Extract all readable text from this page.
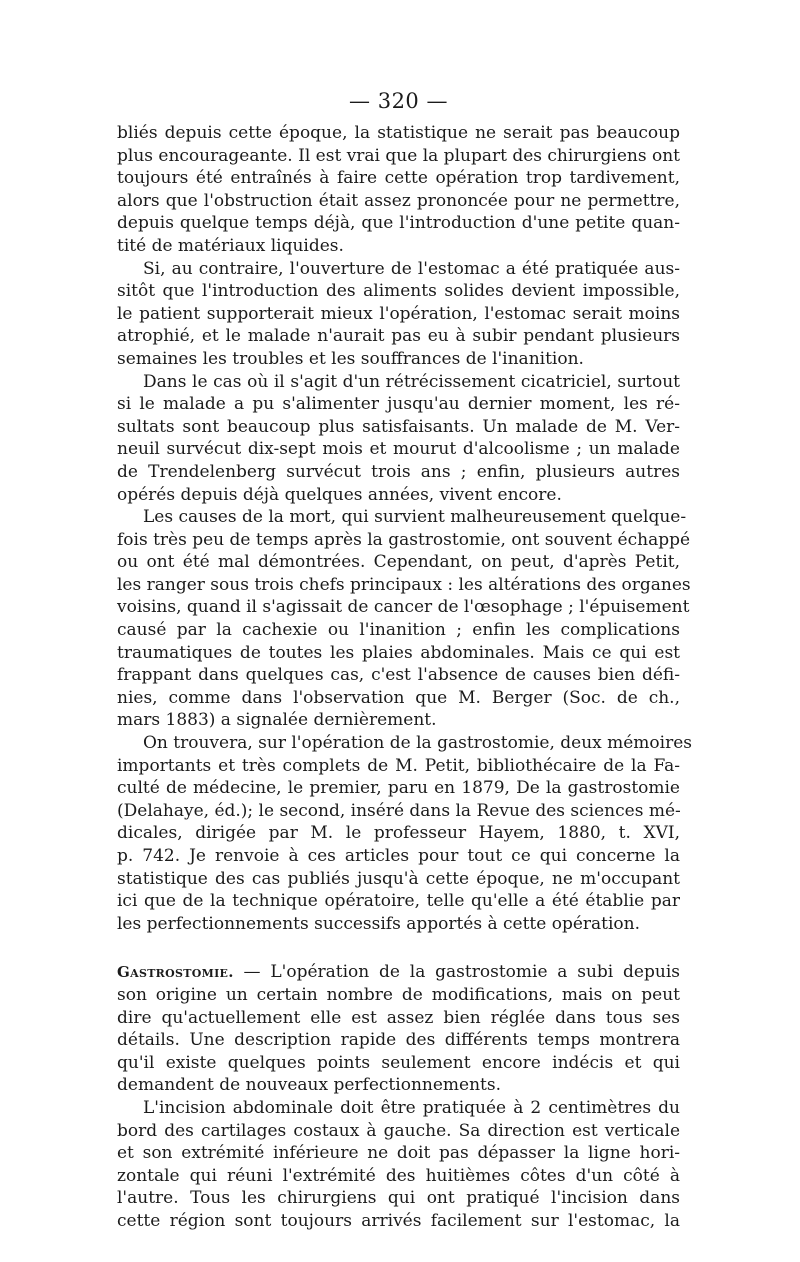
— 320 —
bliés depuis cette époque, la statistique ne serait pas beaucoup
plus encourageante. Il est vrai que la plupart des chirurgiens ont
toujours été entraînés à faire cette opération trop tardivement,
alors que l'obstruction était assez prononcée pour ne permettre,
depuis quelque temps déjà, que l'introduction d'une petite quan-
tité de matériaux liquides.
Si, au contraire, l'ouverture de l'estomac a été pratiquée aus-
sitôt que l'introduction des aliments solides devient impossible,
le patient supporterait mieux l'opération, l'estomac serait moins
atrophié, et le malade n'aurait pas eu à subir pendant plusieurs
semaines les troubles et les souffrances de l'inanition.
Dans le cas où il s'agit d'un rétrécissement cicatriciel, surtout
si le malade a pu s'alimenter jusqu'au dernier moment, les ré-
sultats sont beaucoup plus satisfaisants. Un malade de M. Ver-
neuil survécut dix-sept mois et mourut d'alcoolisme ; un malade
de Trendelenberg survécut trois ans ; enfin, plusieurs autres
opérés depuis déjà quelques années, vivent encore.
Les causes de la mort, qui survient malheureusement quelque-
fois très peu de temps après la gastrostomie, ont souvent échappé
ou ont été mal démontrées. Cependant, on peut, d'après Petit,
les ranger sous trois chefs principaux : les altérations des organes
voisins, quand il s'agissait de cancer de l'œsophage ; l'épuisement
causé par la cachexie ou l'inanition ; enfin les complications
traumatiques de toutes les plaies abdominales. Mais ce qui est
frappant dans quelques cas, c'est l'absence de causes bien défi-
nies, comme dans l'observation que M. Berger (Soc. de ch.,
mars 1883) a signalée dernièrement.
On trouvera, sur l'opération de la gastrostomie, deux mémoires
importants et très complets de M. Petit, bibliothécaire de la Fa-
culté de médecine, le premier, paru en 1879, De la gastrostomie
(Delahaye, éd.); le second, inséré dans la Revue des sciences mé-
dicales, dirigée par M. le professeur Hayem, 1880, t. XVI,
p. 742. Je renvoie à ces articles pour tout ce qui concerne la
statistique des cas publiés jusqu'à cette époque, ne m'occupant
ici que de la technique opératoire, telle qu'elle a été établie par
les perfectionnements successifs apportés à cette opération.
Gastrostomie. — L'opération de la gastrostomie a subi depuis
son origine un certain nombre de modifications, mais on peut
dire qu'actuellement elle est assez bien réglée dans tous ses
détails. Une description rapide des différents temps montrera
qu'il existe quelques points seulement encore indécis et qui
demandent de nouveaux perfectionnements.
L'incision abdominale doit être pratiquée à 2 centimètres du
bord des cartilages costaux à gauche. Sa direction est verticale
et son extrémité inférieure ne doit pas dépasser la ligne hori-
zontale qui réuni l'extrémité des huitièmes côtes d'un côté à
l'autre. Tous les chirurgiens qui ont pratiqué l'incision dans
cette région sont toujours arrivés facilement sur l'estomac, la
